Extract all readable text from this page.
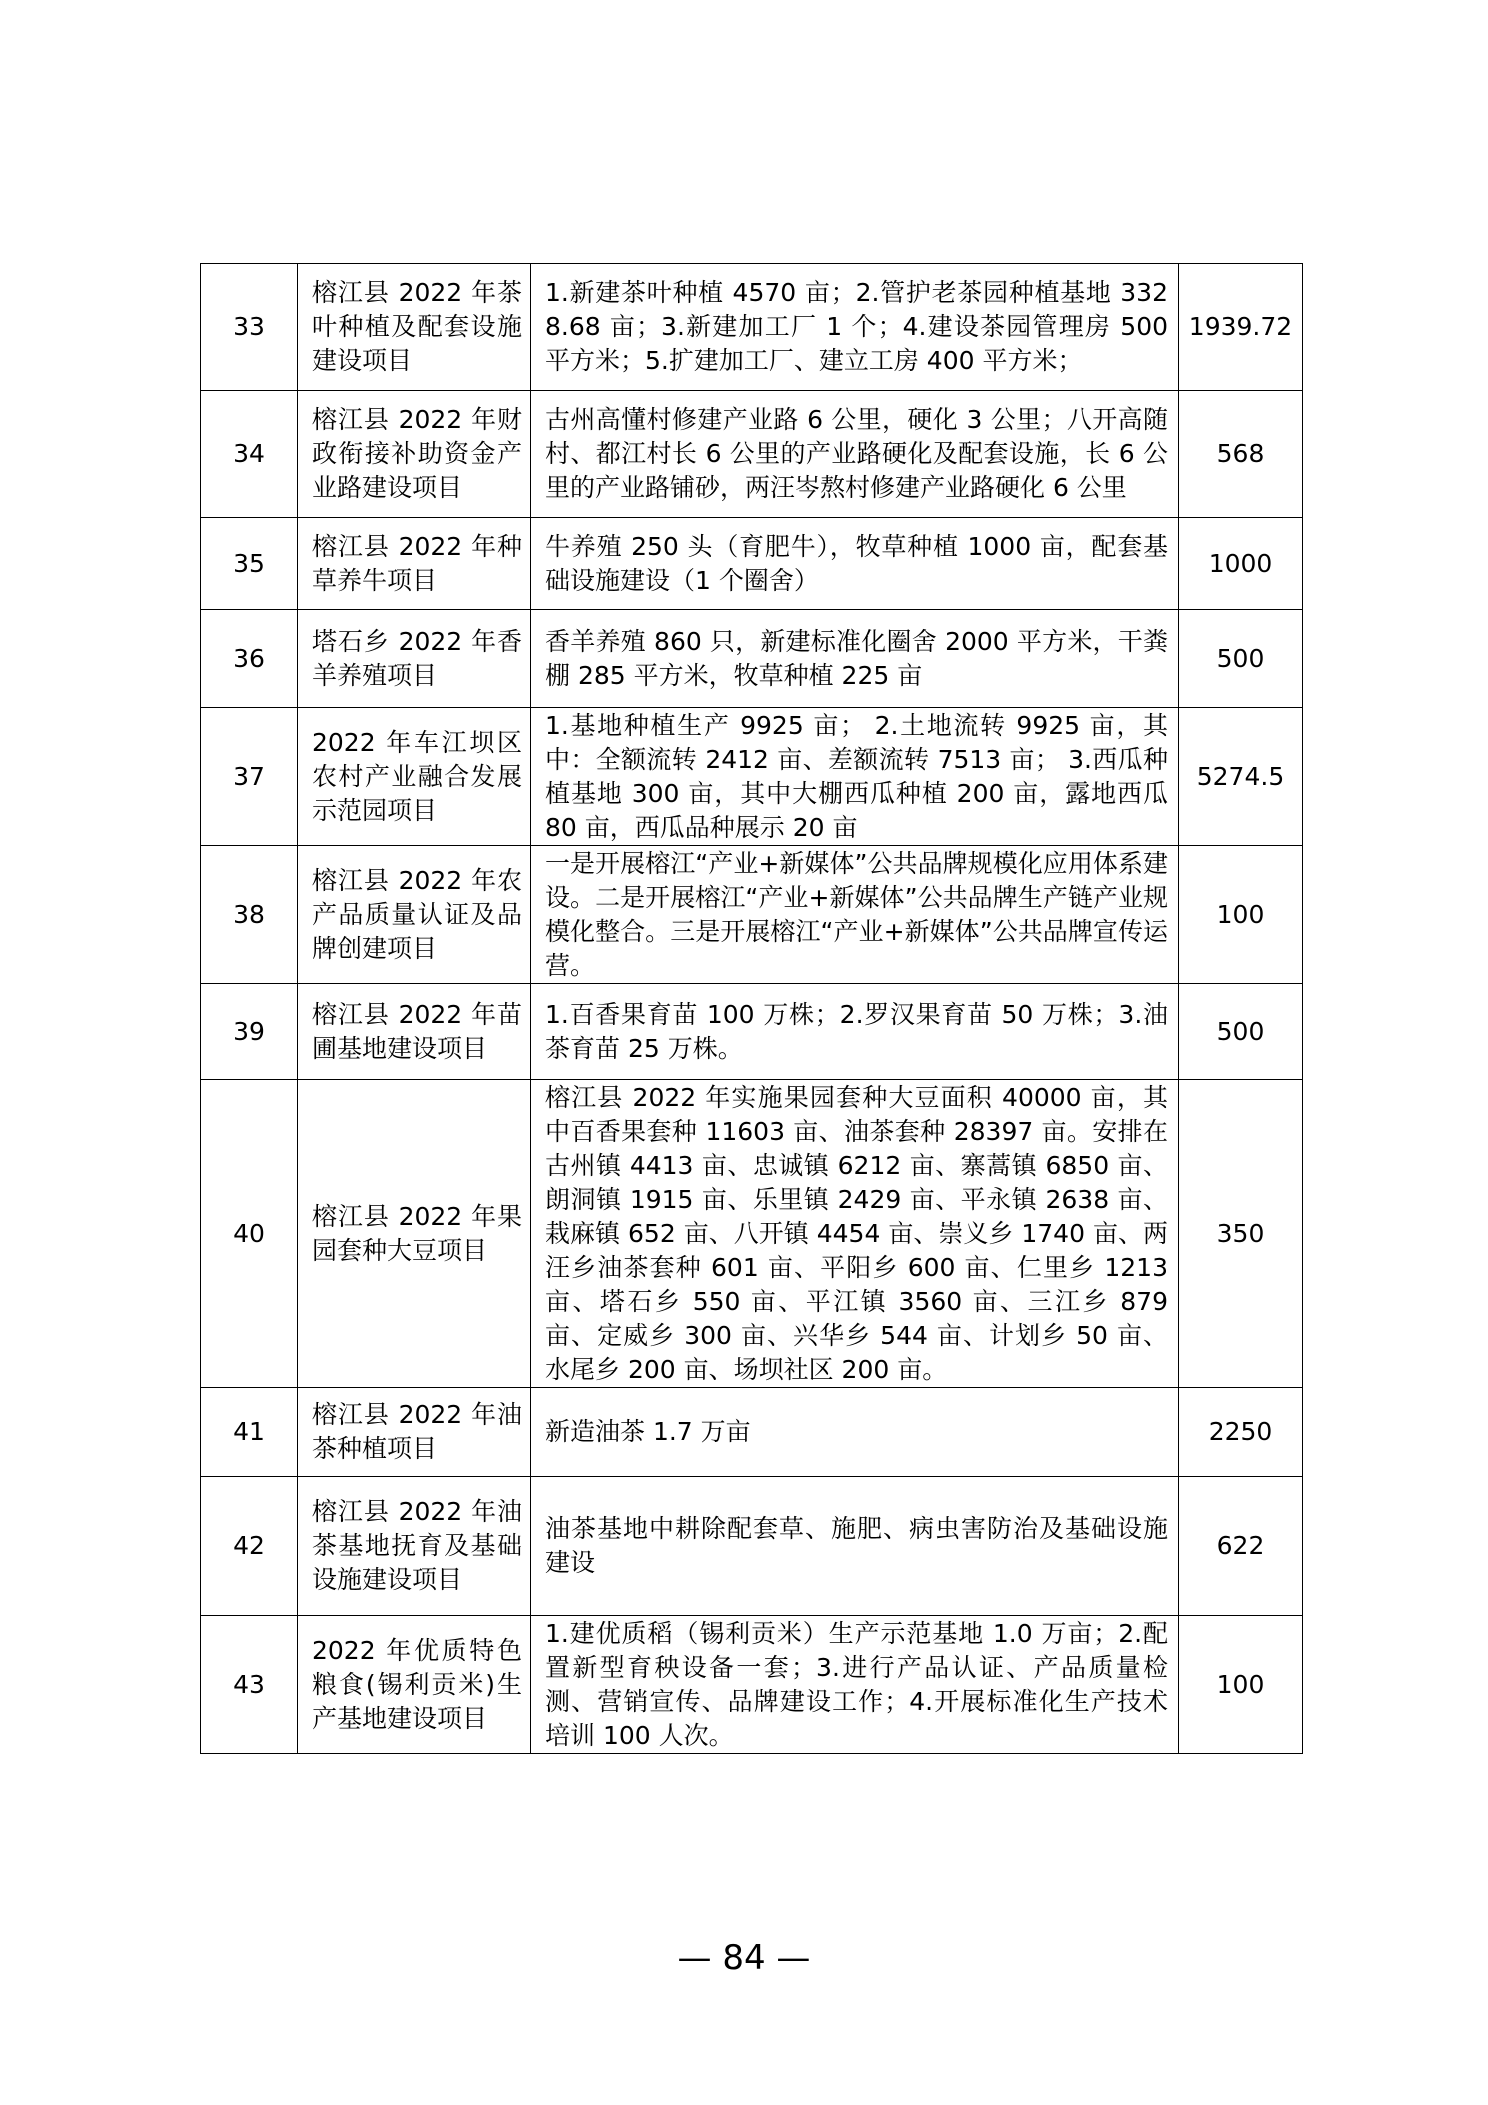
33	榕江县 2022 年茶叶种植及配套设施建设项目	1.新建茶叶种植 4570 亩；2.管护老茶园种植基地 3328.68 亩；3.新建加工厂 1 个；4.建设茶园管理房 500 平方米；5.扩建加工厂、建立工房 400 平方米；	1939.72
34	榕江县 2022 年财政衔接补助资金产业路建设项目	古州高懂村修建产业路 6 公里，硬化 3 公里；八开高随村、都江村长 6 公里的产业路硬化及配套设施，长 6 公里的产业路铺砂，两汪岑熬村修建产业路硬化 6 公里	568
35	榕江县 2022 年种草养牛项目	牛养殖 250 头（育肥牛），牧草种植 1000 亩，配套基础设施建设（1 个圈舍）	1000
36	塔石乡 2022 年香羊养殖项目	香羊养殖 860 只，新建标准化圈舍 2000 平方米，干粪棚 285 平方米，牧草种植 225 亩	500
37	2022 年车江坝区农村产业融合发展示范园项目	1.基地种植生产 9925 亩； 2.土地流转 9925 亩，其中：全额流转 2412 亩、差额流转 7513 亩； 3.西瓜种植基地 300 亩，其中大棚西瓜种植 200 亩，露地西瓜 80 亩，西瓜品种展示 20 亩	5274.5
38	榕江县 2022 年农产品质量认证及品牌创建项目	一是开展榕江“产业+新媒体”公共品牌规模化应用体系建设。二是开展榕江“产业+新媒体”公共品牌生产链产业规模化整合。三是开展榕江“产业+新媒体”公共品牌宣传运营。	100
39	榕江县 2022 年苗圃基地建设项目	1.百香果育苗 100 万株；2.罗汉果育苗 50 万株；3.油茶育苗 25 万株。	500
40	榕江县 2022 年果园套种大豆项目	榕江县 2022 年实施果园套种大豆面积 40000 亩，其中百香果套种 11603 亩、油茶套种 28397 亩。安排在古州镇 4413 亩、忠诚镇 6212 亩、寨蒿镇 6850 亩、朗洞镇 1915 亩、乐里镇 2429 亩、平永镇 2638 亩、栽麻镇 652 亩、八开镇 4454 亩、崇义乡 1740 亩、两汪乡油茶套种 601 亩、平阳乡 600 亩、仁里乡 1213 亩、塔石乡 550 亩、平江镇 3560 亩、三江乡 879 亩、定威乡 300 亩、兴华乡 544 亩、计划乡 50 亩、水尾乡 200 亩、场坝社区 200 亩。	350
41	榕江县 2022 年油茶种植项目	新造油茶 1.7 万亩	2250
42	榕江县 2022 年油茶基地抚育及基础设施建设项目	油茶基地中耕除配套草、施肥、病虫害防治及基础设施建设	622
43	2022 年优质特色粮食(锡利贡米)生产基地建设项目	1.建优质稻（锡利贡米）生产示范基地 1.0 万亩；2.配置新型育秧设备一套；3.进行产品认证、产品质量检测、营销宣传、品牌建设工作；4.开展标准化生产技术培训 100 人次。	100
— 84 —
